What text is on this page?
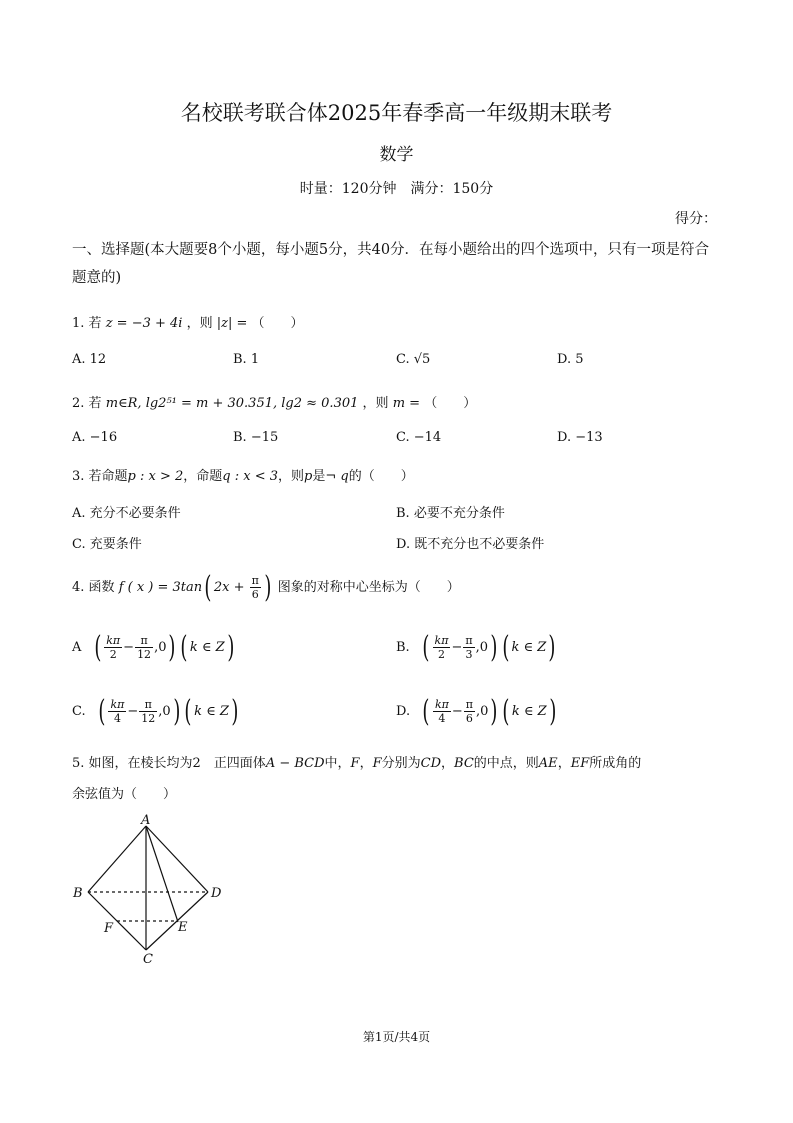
名校联考联合体2025年春季高一年级期末联考
数学
时量：120分钟　满分：150分
得分：
一、选择题(本大题要8个小题，每小题5分，共40分．在每小题给出的四个选项中，只有一项是符合题意的)
1. 若 z = −3 + 4i ，则 |z| = （　　）
A. 12	B. 1	C. √5	D. 5
2. 若 m∈R, lg2⁵¹ = m + 30.351, lg2 ≈ 0.301 ，则 m = （　　）
A. −16	B. −15	C. −14	D. −13
3. 若命题p : x > 2，命题q : x < 3，则p是¬ q的（　　）
A. 充分不必要条件	B. 必要不充分条件
C. 充要条件	D. 既不充分也不必要条件
4. 函数 f ( x ) = 3tan( $2x + \frac{\pi}{6}$ ) 图象的对称中心坐标为（　　）
A ( $\frac{k\pi}{2} - \frac{\pi}{12} ,0$) ( k ∈ Z)	B. ( $\frac{k\pi}{2} - \frac{\pi}{3} ,0$) ( k ∈ Z)
C. ( $\frac{k\pi}{4} - \frac{\pi}{12} ,0$) ( k ∈ Z)	D. ( $\frac{k\pi}{4} - \frac{\pi}{6} ,0$) ( k ∈ Z)
5. 如图，在棱长均为2　正四面体A − BCD中，F，F分别为CD，BC的中点，则AE，EF所成角的
余弦值为（　　）
A
B	D
F	E
C
第1页/共4页
